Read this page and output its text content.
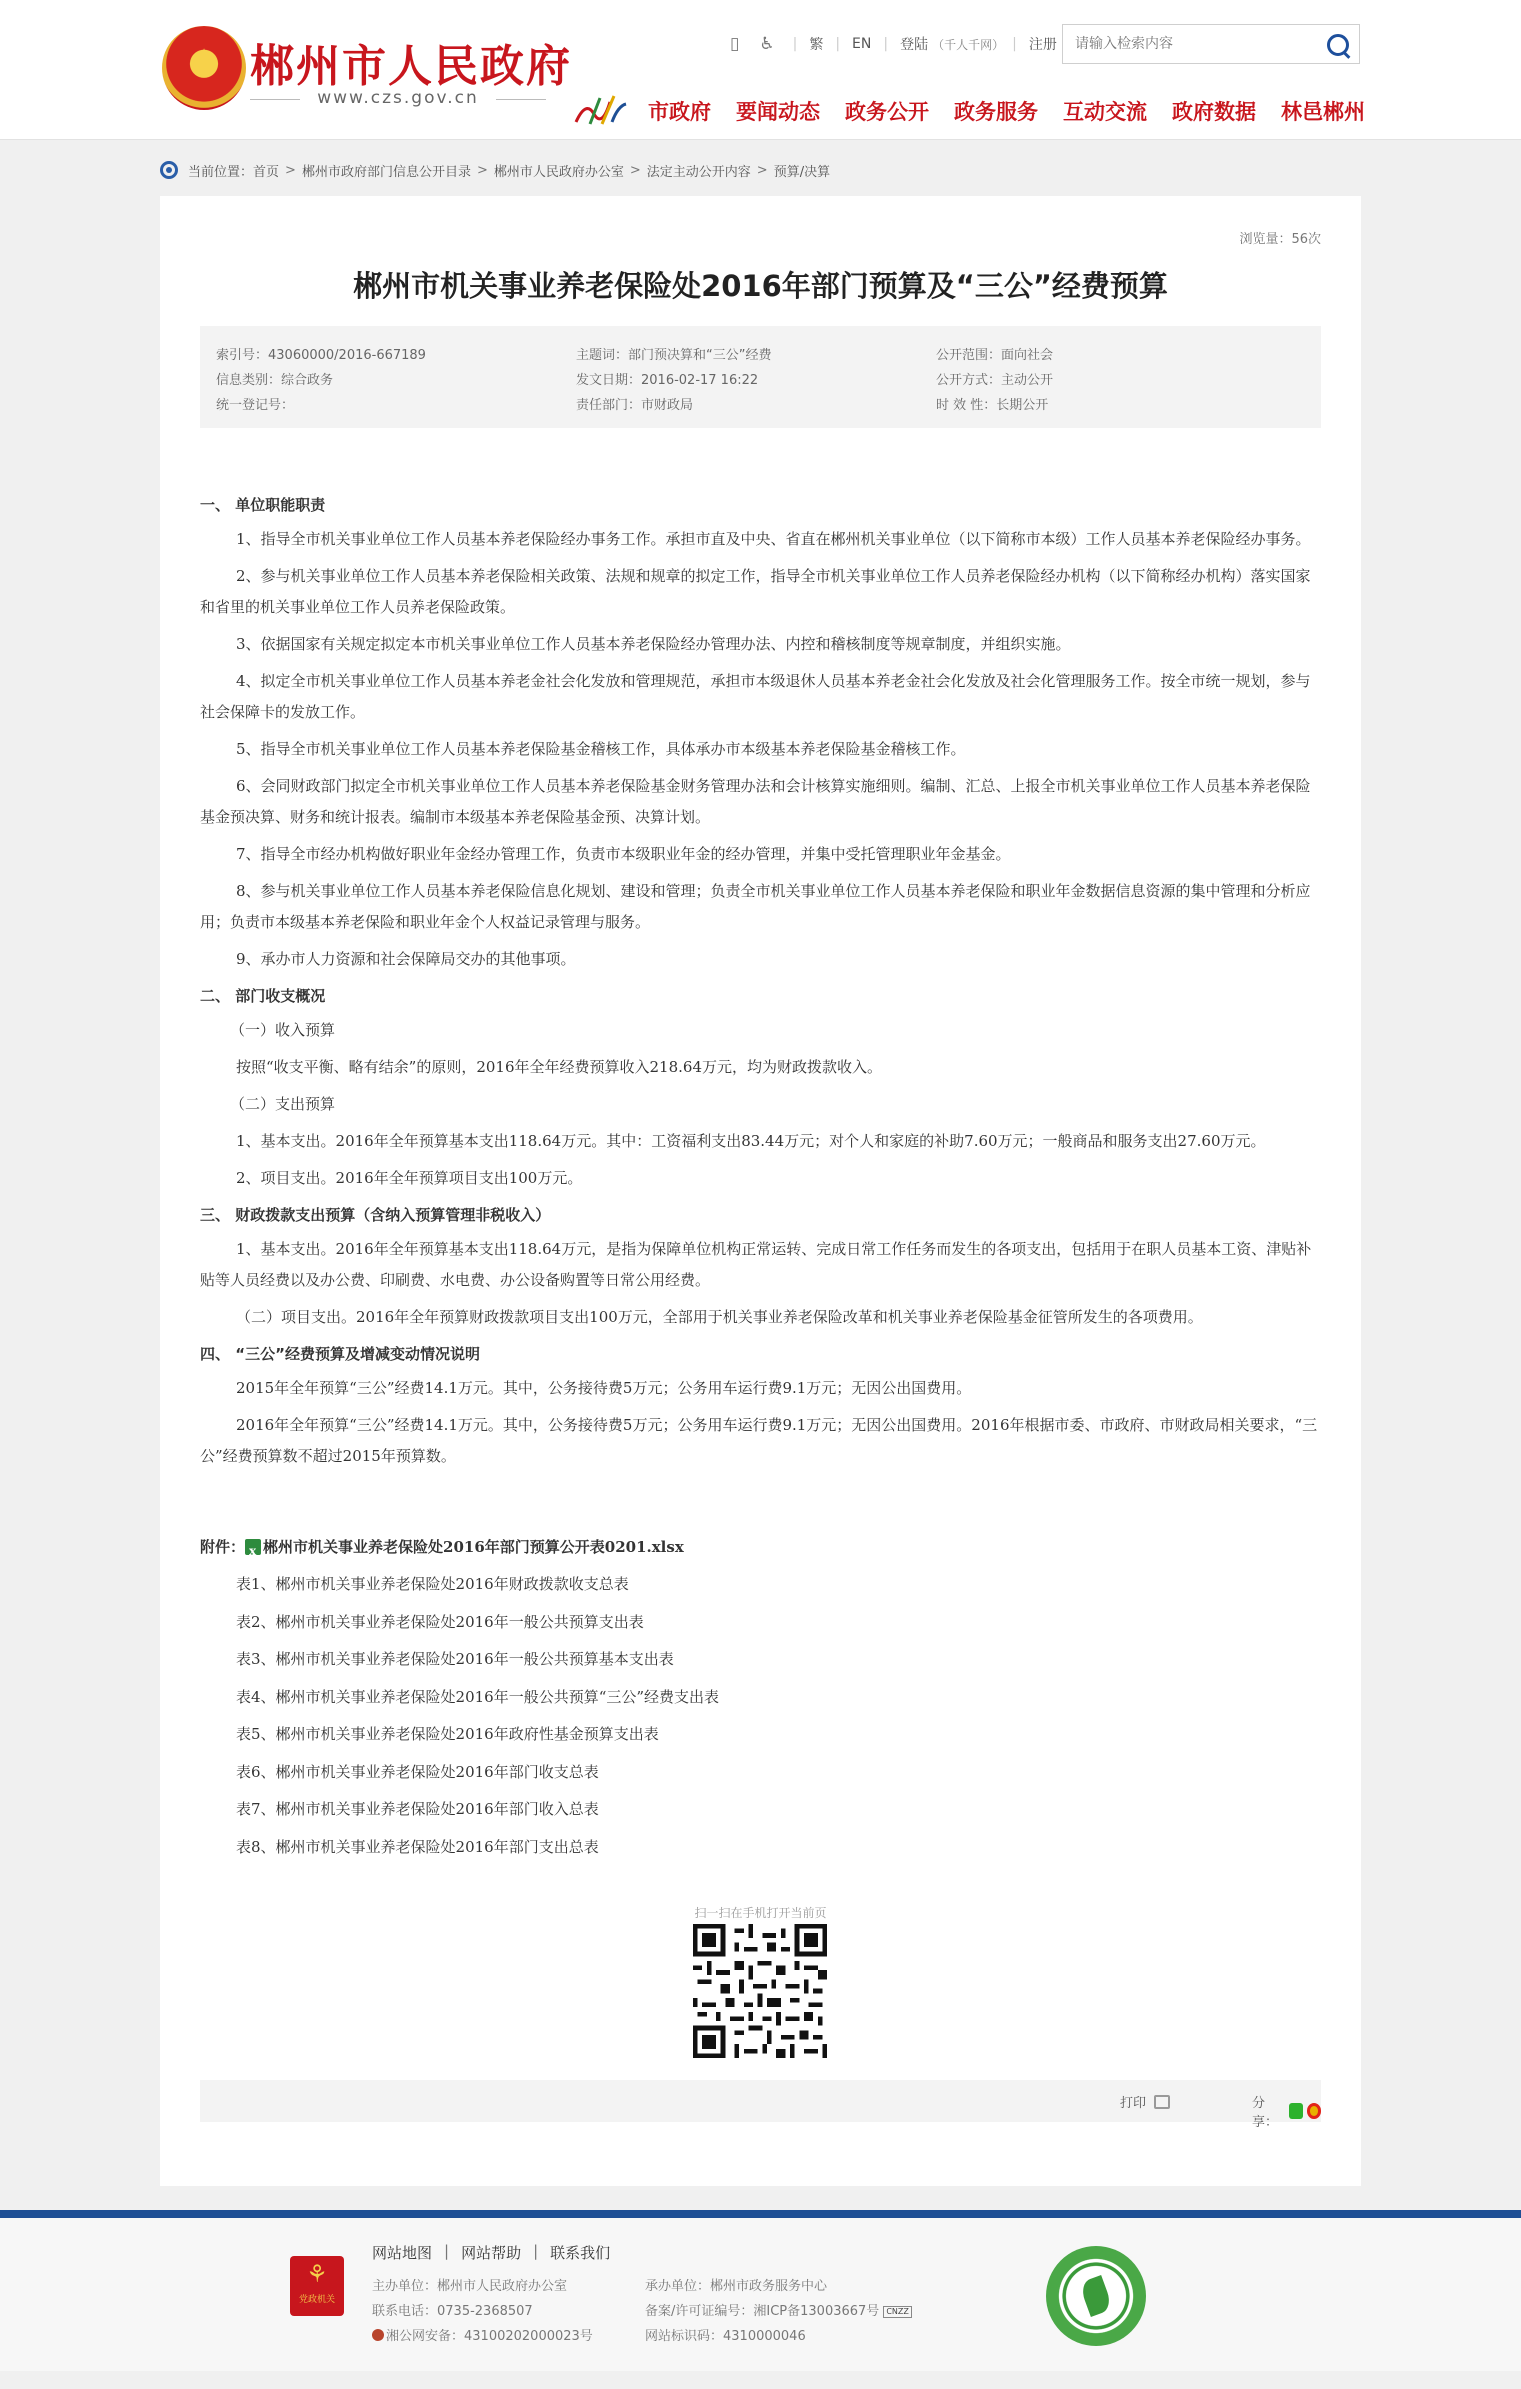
★ 郴州市人民政府
www.czs.gov.cn
▯ ♿ | 繁 | EN | 登陆 （千人千网） | 注册
请输入检索内容
市政府 要闻动态 政务公开 政务服务 互动交流 政府数据 林邑郴州
当前位置： 首页 > 郴州市政府部门信息公开目录 > 郴州市人民政府办公室 > 法定主动公开内容 > 预算/决算
浏览量：56次
郴州市机关事业养老保险处2016年部门预算及“三公”经费预算
索引号：43060000/2016-667189	主题词：部门预决算和“三公”经费	公开范围：面向社会
信息类别：综合政务	发文日期：2016-02-17 16:22	公开方式：主动公开
统一登记号：	责任部门：市财政局	时 效 性：长期公开

一、 单位职能职责

1、指导全市机关事业单位工作人员基本养老保险经办事务工作。承担市直及中央、省直在郴州机关事业单位（以下简称市本级）工作人员基本养老保险经办事务。

2、参与机关事业单位工作人员基本养老保险相关政策、法规和规章的拟定工作，指导全市机关事业单位工作人员养老保险经办机构（以下简称经办机构）落实国家和省里的机关事业单位工作人员养老保险政策。

3、依据国家有关规定拟定本市机关事业单位工作人员基本养老保险经办管理办法、内控和稽核制度等规章制度，并组织实施。

4、拟定全市机关事业单位工作人员基本养老金社会化发放和管理规范，承担市本级退休人员基本养老金社会化发放及社会化管理服务工作。按全市统一规划，参与社会保障卡的发放工作。

5、指导全市机关事业单位工作人员基本养老保险基金稽核工作，具体承办市本级基本养老保险基金稽核工作。

6、会同财政部门拟定全市机关事业单位工作人员基本养老保险基金财务管理办法和会计核算实施细则。编制、汇总、上报全市机关事业单位工作人员基本养老保险基金预决算、财务和统计报表。编制市本级基本养老保险基金预、决算计划。

7、指导全市经办机构做好职业年金经办管理工作，负责市本级职业年金的经办管理，并集中受托管理职业年金基金。

8、参与机关事业单位工作人员基本养老保险信息化规划、建设和管理；负责全市机关事业单位工作人员基本养老保险和职业年金数据信息资源的集中管理和分析应用；负责市本级基本养老保险和职业年金个人权益记录管理与服务。

9、承办市人力资源和社会保障局交办的其他事项。

二、 部门收支概况

（一）收入预算

按照“收支平衡、略有结余”的原则，2016年全年经费预算收入218.64万元，均为财政拨款收入。

（二）支出预算

1、基本支出。2016年全年预算基本支出118.64万元。其中：工资福利支出83.44万元；对个人和家庭的补助7.60万元；一般商品和服务支出27.60万元。

2、项目支出。2016年全年预算项目支出100万元。

三、 财政拨款支出预算（含纳入预算管理非税收入）

1、基本支出。2016年全年预算基本支出118.64万元，是指为保障单位机构正常运转、完成日常工作任务而发生的各项支出，包括用于在职人员基本工资、津贴补贴等人员经费以及办公费、印刷费、水电费、办公设备购置等日常公用经费。

（二）项目支出。2016年全年预算财政拨款项目支出100万元，全部用于机关事业养老保险改革和机关事业养老保险基金征管所发生的各项费用。

四、 “三公”经费预算及增减变动情况说明

2015年全年预算“三公”经费14.1万元。其中，公务接待费5万元；公务用车运行费9.1万元；无因公出国费用。

2016年全年预算“三公”经费14.1万元。其中，公务接待费5万元；公务用车运行费9.1万元；无因公出国费用。2016年根据市委、市政府、市财政局相关要求，“三公”经费预算数不超过2015年预算数。

附件：
x 郴州市机关事业养老保险处2016年部门预算公开表0201.xlsx
表1、郴州市机关事业养老保险处2016年财政拨款收支总表
表2、郴州市机关事业养老保险处2016年一般公共预算支出表
表3、郴州市机关事业养老保险处2016年一般公共预算基本支出表
表4、郴州市机关事业养老保险处2016年一般公共预算“三公”经费支出表
表5、郴州市机关事业养老保险处2016年政府性基金预算支出表
表6、郴州市机关事业养老保险处2016年部门收支总表
表7、郴州市机关事业养老保险处2016年部门收入总表
表8、郴州市机关事业养老保险处2016年部门支出总表
扫一扫在手机打开当前页
打印	分享：
⚘
党政机关
网站地图 | 网站帮助 | 联系我们
主办单位：郴州市人民政府办公室
联系电话：0735-2368507
湘公网安备：43100202000023号
承办单位：郴州市政务服务中心
备案/许可证编号：湘ICP备13003667号 CNZZ
网站标识码：4310000046
